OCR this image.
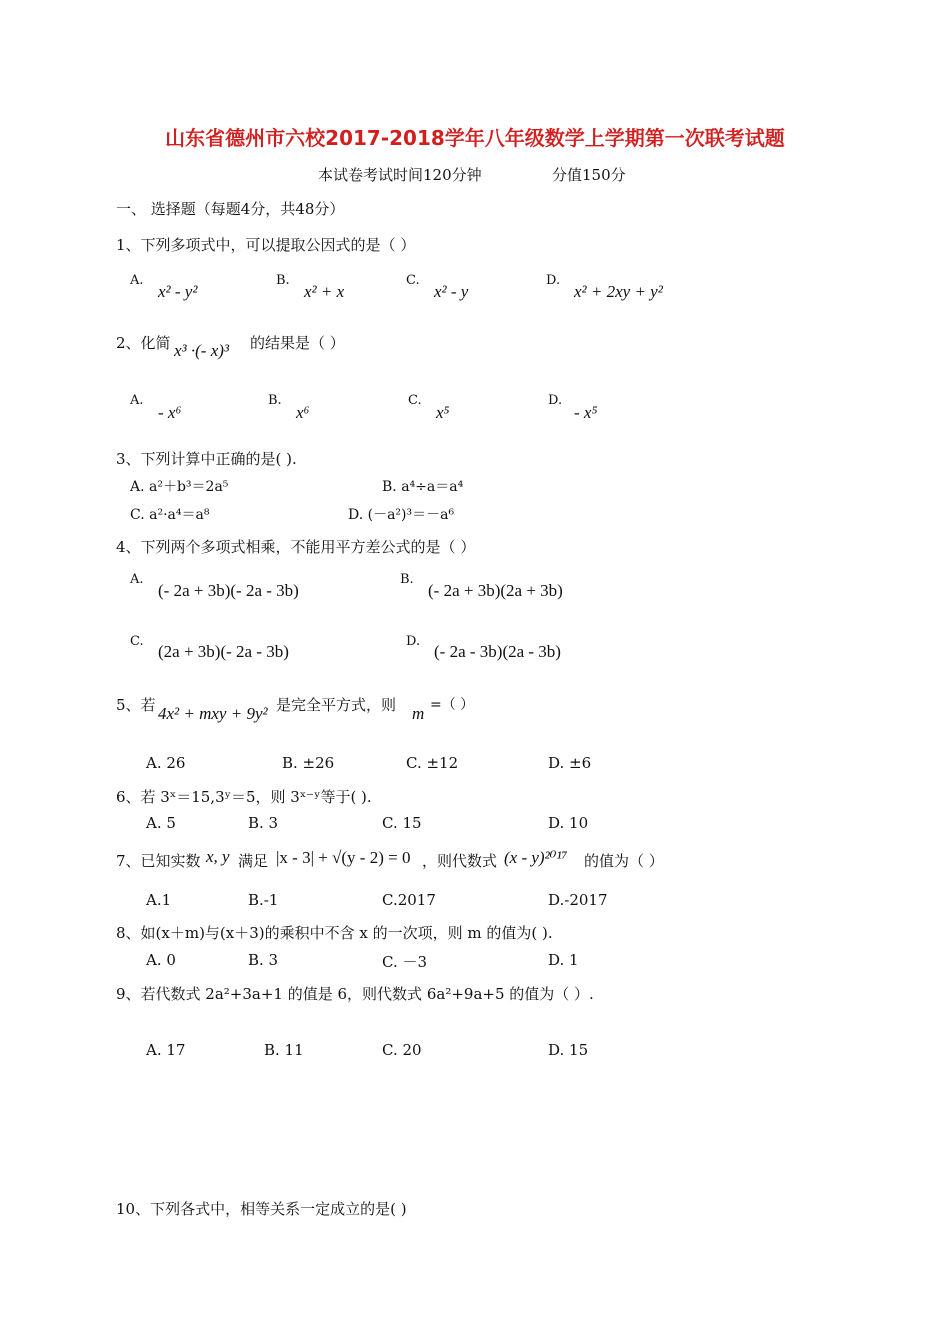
山东省德州市六校2017-2018学年八年级数学上学期第一次联考试题
本试卷考试时间120分钟	分值150分
一、 选择题（每题4分，共48分）
1、下列多项式中，可以提取公因式的是（ ）
A.
x² - y²
B.
x² + x
C.
x² - y
D.
x² + 2xy + y²
2、化简 x³ ·(- x)³ 的结果是（ ）
A.
- x⁶
B.
x⁶
C.
x⁵
D.
- x⁵
3、下列计算中正确的是( ).
A. a²＋b³＝2a⁵	B. a⁴÷a＝a⁴
C. a²·a⁴＝a⁸	D. (－a²)³＝－a⁶
4、下列两个多项式相乘，不能用平方差公式的是（ ）
A.
(- 2a + 3b)(- 2a - 3b)
B.
(- 2a + 3b)(2a + 3b)
C.
(2a + 3b)(- 2a - 3b)
D.
(- 2a - 3b)(2a - 3b)
5、若 4x² + mxy + 9y² 是完全平方式，则 m =（ ）
A. 26	B. ±26	C. ±12	D. ±6
6、若 3ˣ＝15,3ʸ＝5，则 3ˣ⁻ʸ等于( ).
A. 5	B. 3	C. 15	D. 10
7、已知实数 x, y 满足 |x - 3| + √(y - 2) = 0 ，则代数式 (x - y)²⁰¹⁷ 的值为（ ）
A.1	B.-1	C.2017	D.-2017
8、如(x＋m)与(x＋3)的乘积中不含 x 的一次项，则 m 的值为( ).
A. 0	B. 3	C. －3	D. 1
9、若代数式 2a²+3a+1 的值是 6，则代数式 6a²+9a+5 的值为（ ）.
A. 17	B. 11	C. 20	D. 15
10、下列各式中，相等关系一定成立的是( )
